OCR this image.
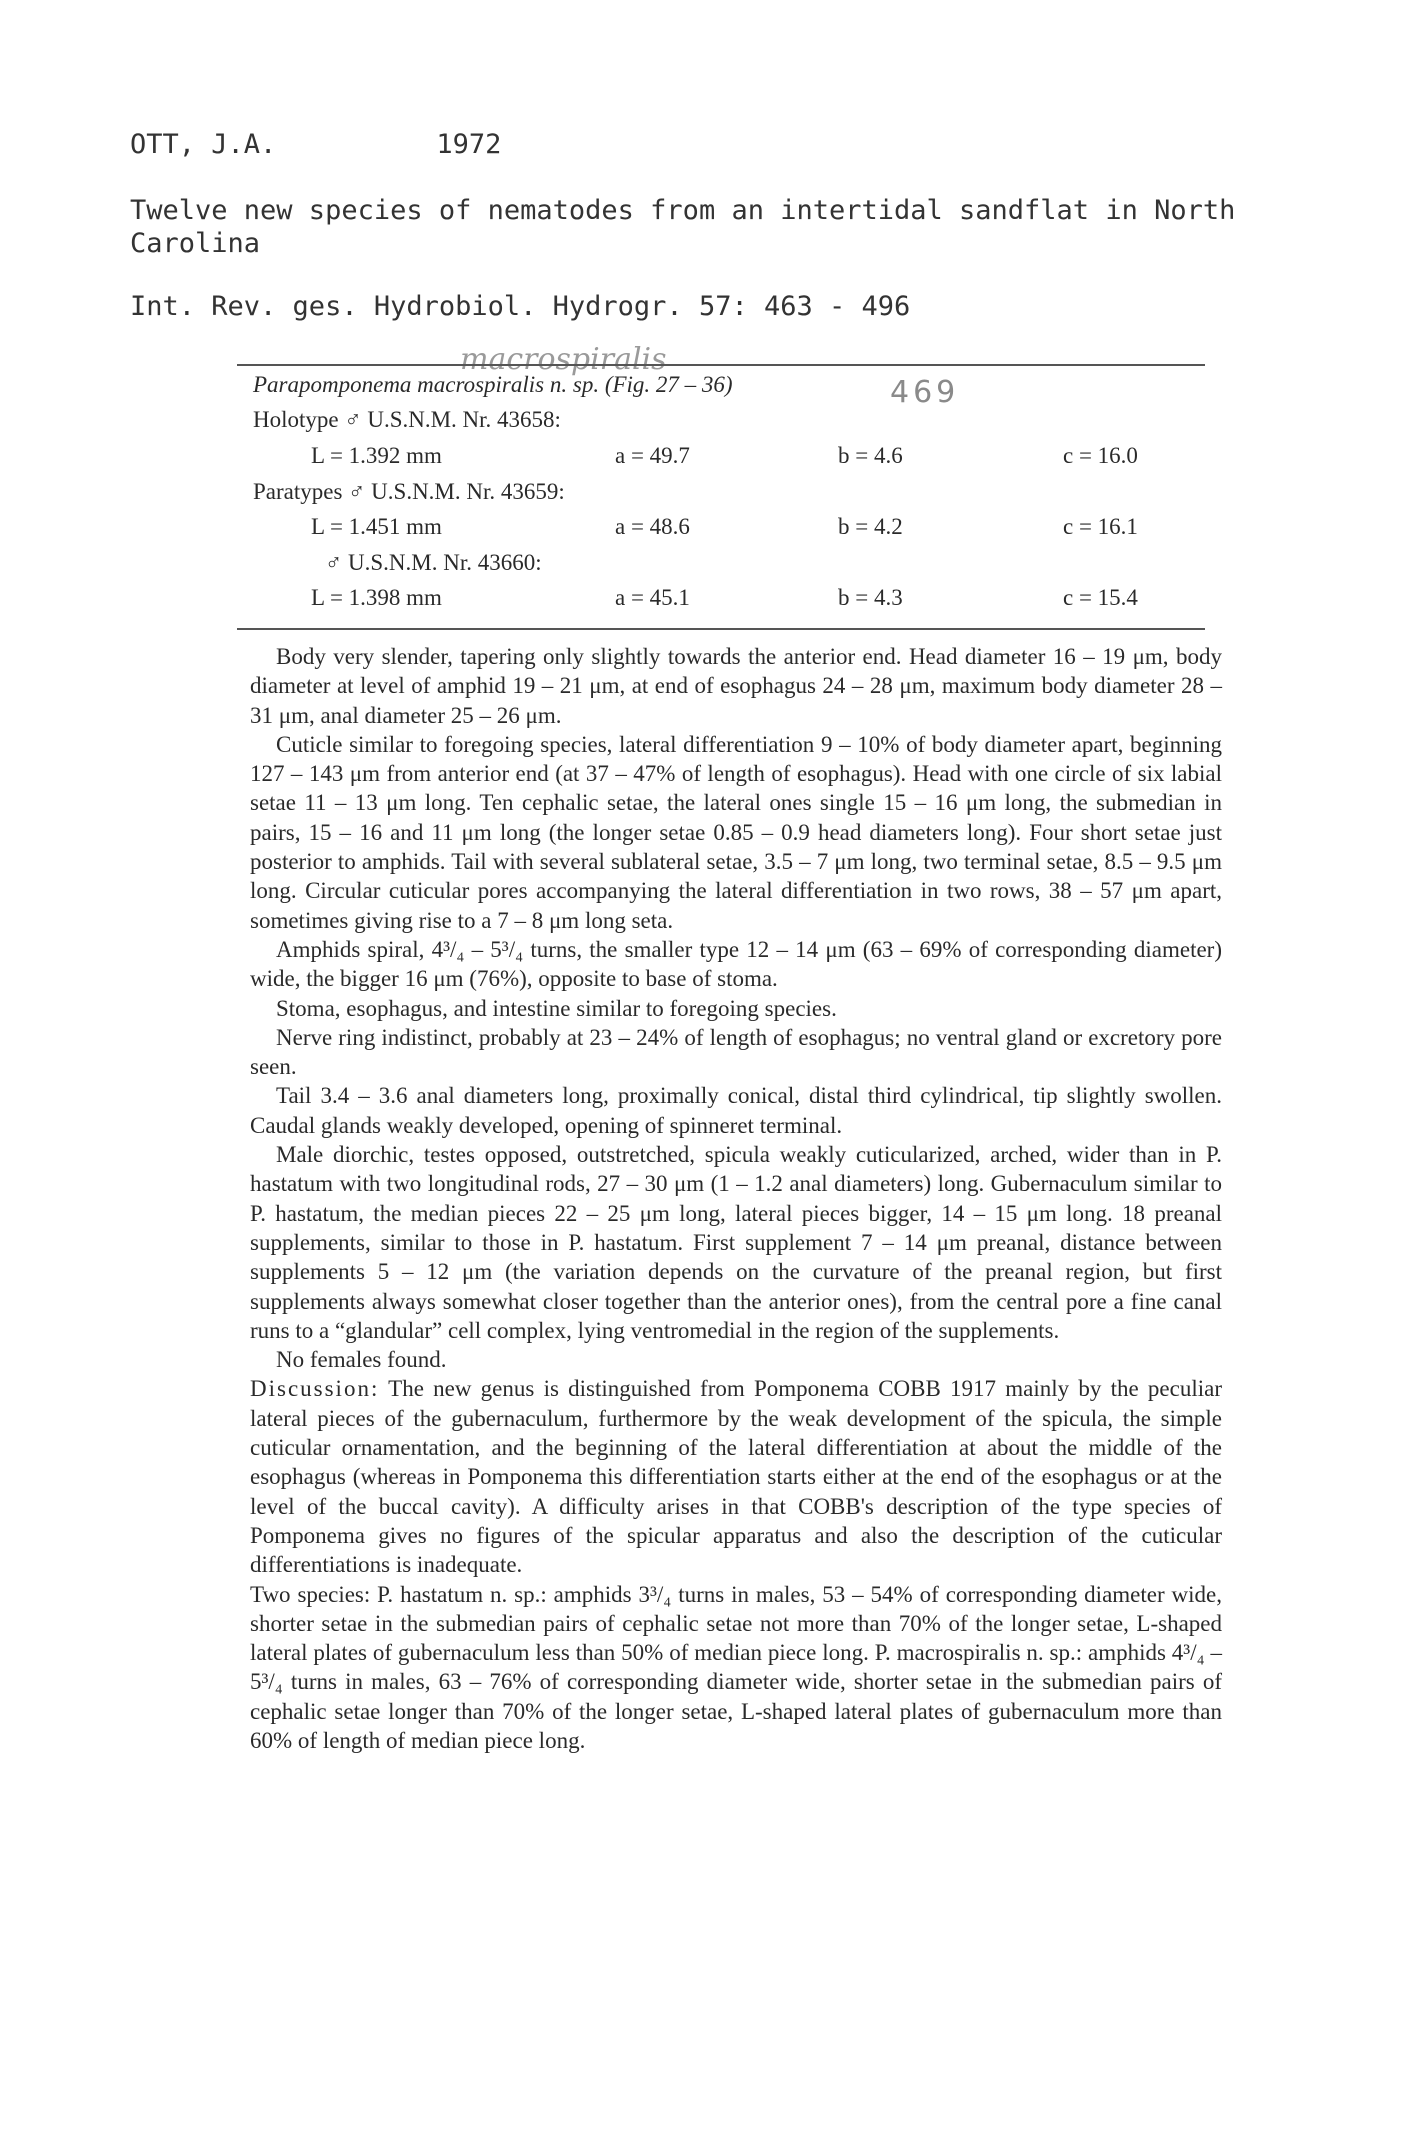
OTT, J.A.	1972

Twelve new species of nematodes from an intertidal sandflat in North Carolina

Int. Rev. ges. Hydrobiol. Hydrogr. 57: 463 - 496

macrospiralis
469
Parapomponema macrospiralis n. sp. (Fig. 27 – 36)
Holotype ♂ U.S.N.M. Nr. 43658:
L = 1.392 mm	a = 49.7	b = 4.6	c = 16.0
Paratypes ♂ U.S.N.M. Nr. 43659:
L = 1.451 mm	a = 48.6	b = 4.2	c = 16.1
♂ U.S.N.M. Nr. 43660:
L = 1.398 mm	a = 45.1	b = 4.3	c = 15.4

Body very slender, tapering only slightly towards the anterior end. Head diameter 16 – 19 μm, body diameter at level of amphid 19 – 21 μm, at end of esophagus 24 – 28 μm, maximum body diameter 28 – 31 μm, anal diameter 25 – 26 μm.

Cuticle similar to foregoing species, lateral differentiation 9 – 10% of body diameter apart, beginning 127 – 143 μm from anterior end (at 37 – 47% of length of esophagus). Head with one circle of six labial setae 11 – 13 μm long. Ten cephalic setae, the lateral ones single 15 – 16 μm long, the submedian in pairs, 15 – 16 and 11 μm long (the longer setae 0.85 – 0.9 head diameters long). Four short setae just posterior to amphids. Tail with several sublateral setae, 3.5 – 7 μm long, two terminal setae, 8.5 – 9.5 μm long. Circular cuticular pores accompanying the lateral differentiation in two rows, 38 – 57 μm apart, sometimes giving rise to a 7 – 8 μm long seta.

Amphids spiral, 4³/₄ – 5³/₄ turns, the smaller type 12 – 14 μm (63 – 69% of corresponding diameter) wide, the bigger 16 μm (76%), opposite to base of stoma.

Stoma, esophagus, and intestine similar to foregoing species.

Nerve ring indistinct, probably at 23 – 24% of length of esophagus; no ventral gland or excretory pore seen.

Tail 3.4 – 3.6 anal diameters long, proximally conical, distal third cylindrical, tip slightly swollen. Caudal glands weakly developed, opening of spinneret terminal.

Male diorchic, testes opposed, outstretched, spicula weakly cuticularized, arched, wider than in P. hastatum with two longitudinal rods, 27 – 30 μm (1 – 1.2 anal diameters) long. Gubernaculum similar to P. hastatum, the median pieces 22 – 25 μm long, lateral pieces bigger, 14 – 15 μm long. 18 preanal supplements, similar to those in P. hastatum. First supplement 7 – 14 μm preanal, distance between supplements 5 – 12 μm (the variation depends on the curvature of the preanal region, but first supplements always somewhat closer together than the anterior ones), from the central pore a fine canal runs to a “glandular” cell complex, lying ventromedial in the region of the supplements.

No females found.

Discussion: The new genus is distinguished from Pomponema COBB 1917 mainly by the peculiar lateral pieces of the gubernaculum, furthermore by the weak development of the spicula, the simple cuticular ornamentation, and the beginning of the lateral differentiation at about the middle of the esophagus (whereas in Pomponema this differentiation starts either at the end of the esophagus or at the level of the buccal cavity). A difficulty arises in that COBB's description of the type species of Pomponema gives no figures of the spicular apparatus and also the description of the cuticular differentiations is inadequate.

Two species: P. hastatum n. sp.: amphids 3³/₄ turns in males, 53 – 54% of corresponding diameter wide, shorter setae in the submedian pairs of cephalic setae not more than 70% of the longer setae, L-shaped lateral plates of gubernaculum less than 50% of median piece long. P. macrospiralis n. sp.: amphids 4³/₄ – 5³/₄ turns in males, 63 – 76% of corresponding diameter wide, shorter setae in the submedian pairs of cephalic setae longer than 70% of the longer setae, L-shaped lateral plates of gubernaculum more than 60% of length of median piece long.
